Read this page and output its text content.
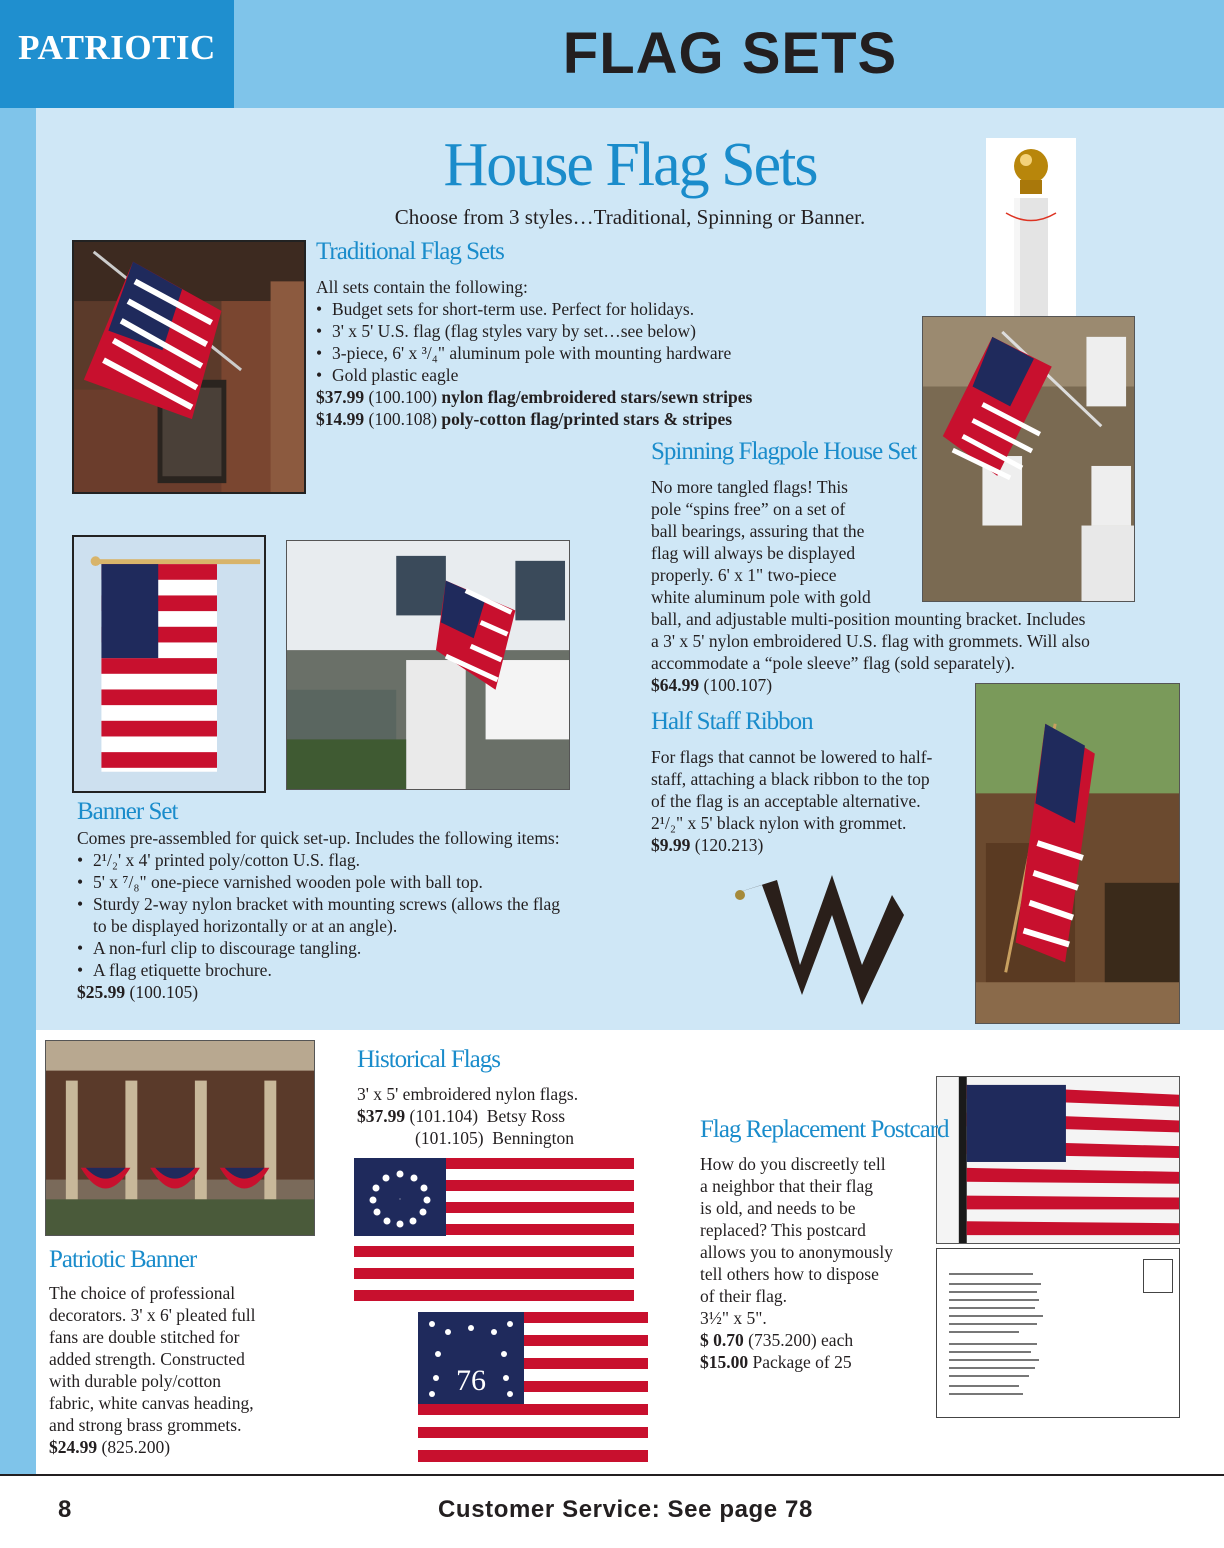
PATRIOTIC	FLAG SETS
House Flag Sets
Choose from 3 styles…Traditional, Spinning or Banner.
76
Traditional Flag Sets
All sets contain the following:
• Budget sets for short-term use. Perfect for holidays.
• 3' x 5' U.S. flag (flag styles vary by set…see below)
• 3-piece, 6' x ³/₄" aluminum pole with mounting hardware
• Gold plastic eagle
$37.99 (100.100) nylon flag/embroidered stars/sewn stripes
$14.99 (100.108) poly-cotton flag/printed stars & stripes
Spinning Flagpole House Set
No more tangled flags! This
pole “spins free” on a set of
ball bearings, assuring that the
flag will always be displayed
properly. 6' x 1" two-piece
white aluminum pole with gold
ball, and adjustable multi-position mounting bracket. Includes
a 3' x 5' nylon embroidered U.S. flag with grommets. Will also
accommodate a “pole sleeve” flag (sold separately).
$64.99 (100.107)
Half Staff Ribbon
For flags that cannot be lowered to half-
staff, attaching a black ribbon to the top
of the flag is an acceptable alternative.
2¹/₂" x 5' black nylon with grommet.
$9.99 (120.213)
Banner Set
Comes pre-assembled for quick set-up. Includes the following items:
• 2¹/₂' x 4' printed poly/cotton U.S. flag.
• 5' x ⁷/₈" one-piece varnished wooden pole with ball top.
• Sturdy 2-way nylon bracket with mounting screws (allows the flag
to be displayed horizontally or at an angle).
• A non-furl clip to discourage tangling.
• A flag etiquette brochure.
$25.99 (100.105)
Historical Flags
3' x 5' embroidered nylon flags.
$37.99 (101.104) Betsy Ross
(101.105) Bennington
Patriotic Banner
The choice of professional
decorators. 3' x 6' pleated full
fans are double stitched for
added strength. Constructed
with durable poly/cotton
fabric, white canvas heading,
and strong brass grommets.
$24.99 (825.200)
Flag Replacement Postcard
How do you discreetly tell
a neighbor that their flag
is old, and needs to be
replaced? This postcard
allows you to anonymously
tell others how to dispose
of their flag.
3½" x 5".
$ 0.70 (735.200) each
$15.00 Package of 25
8	Customer Service: See page 78
